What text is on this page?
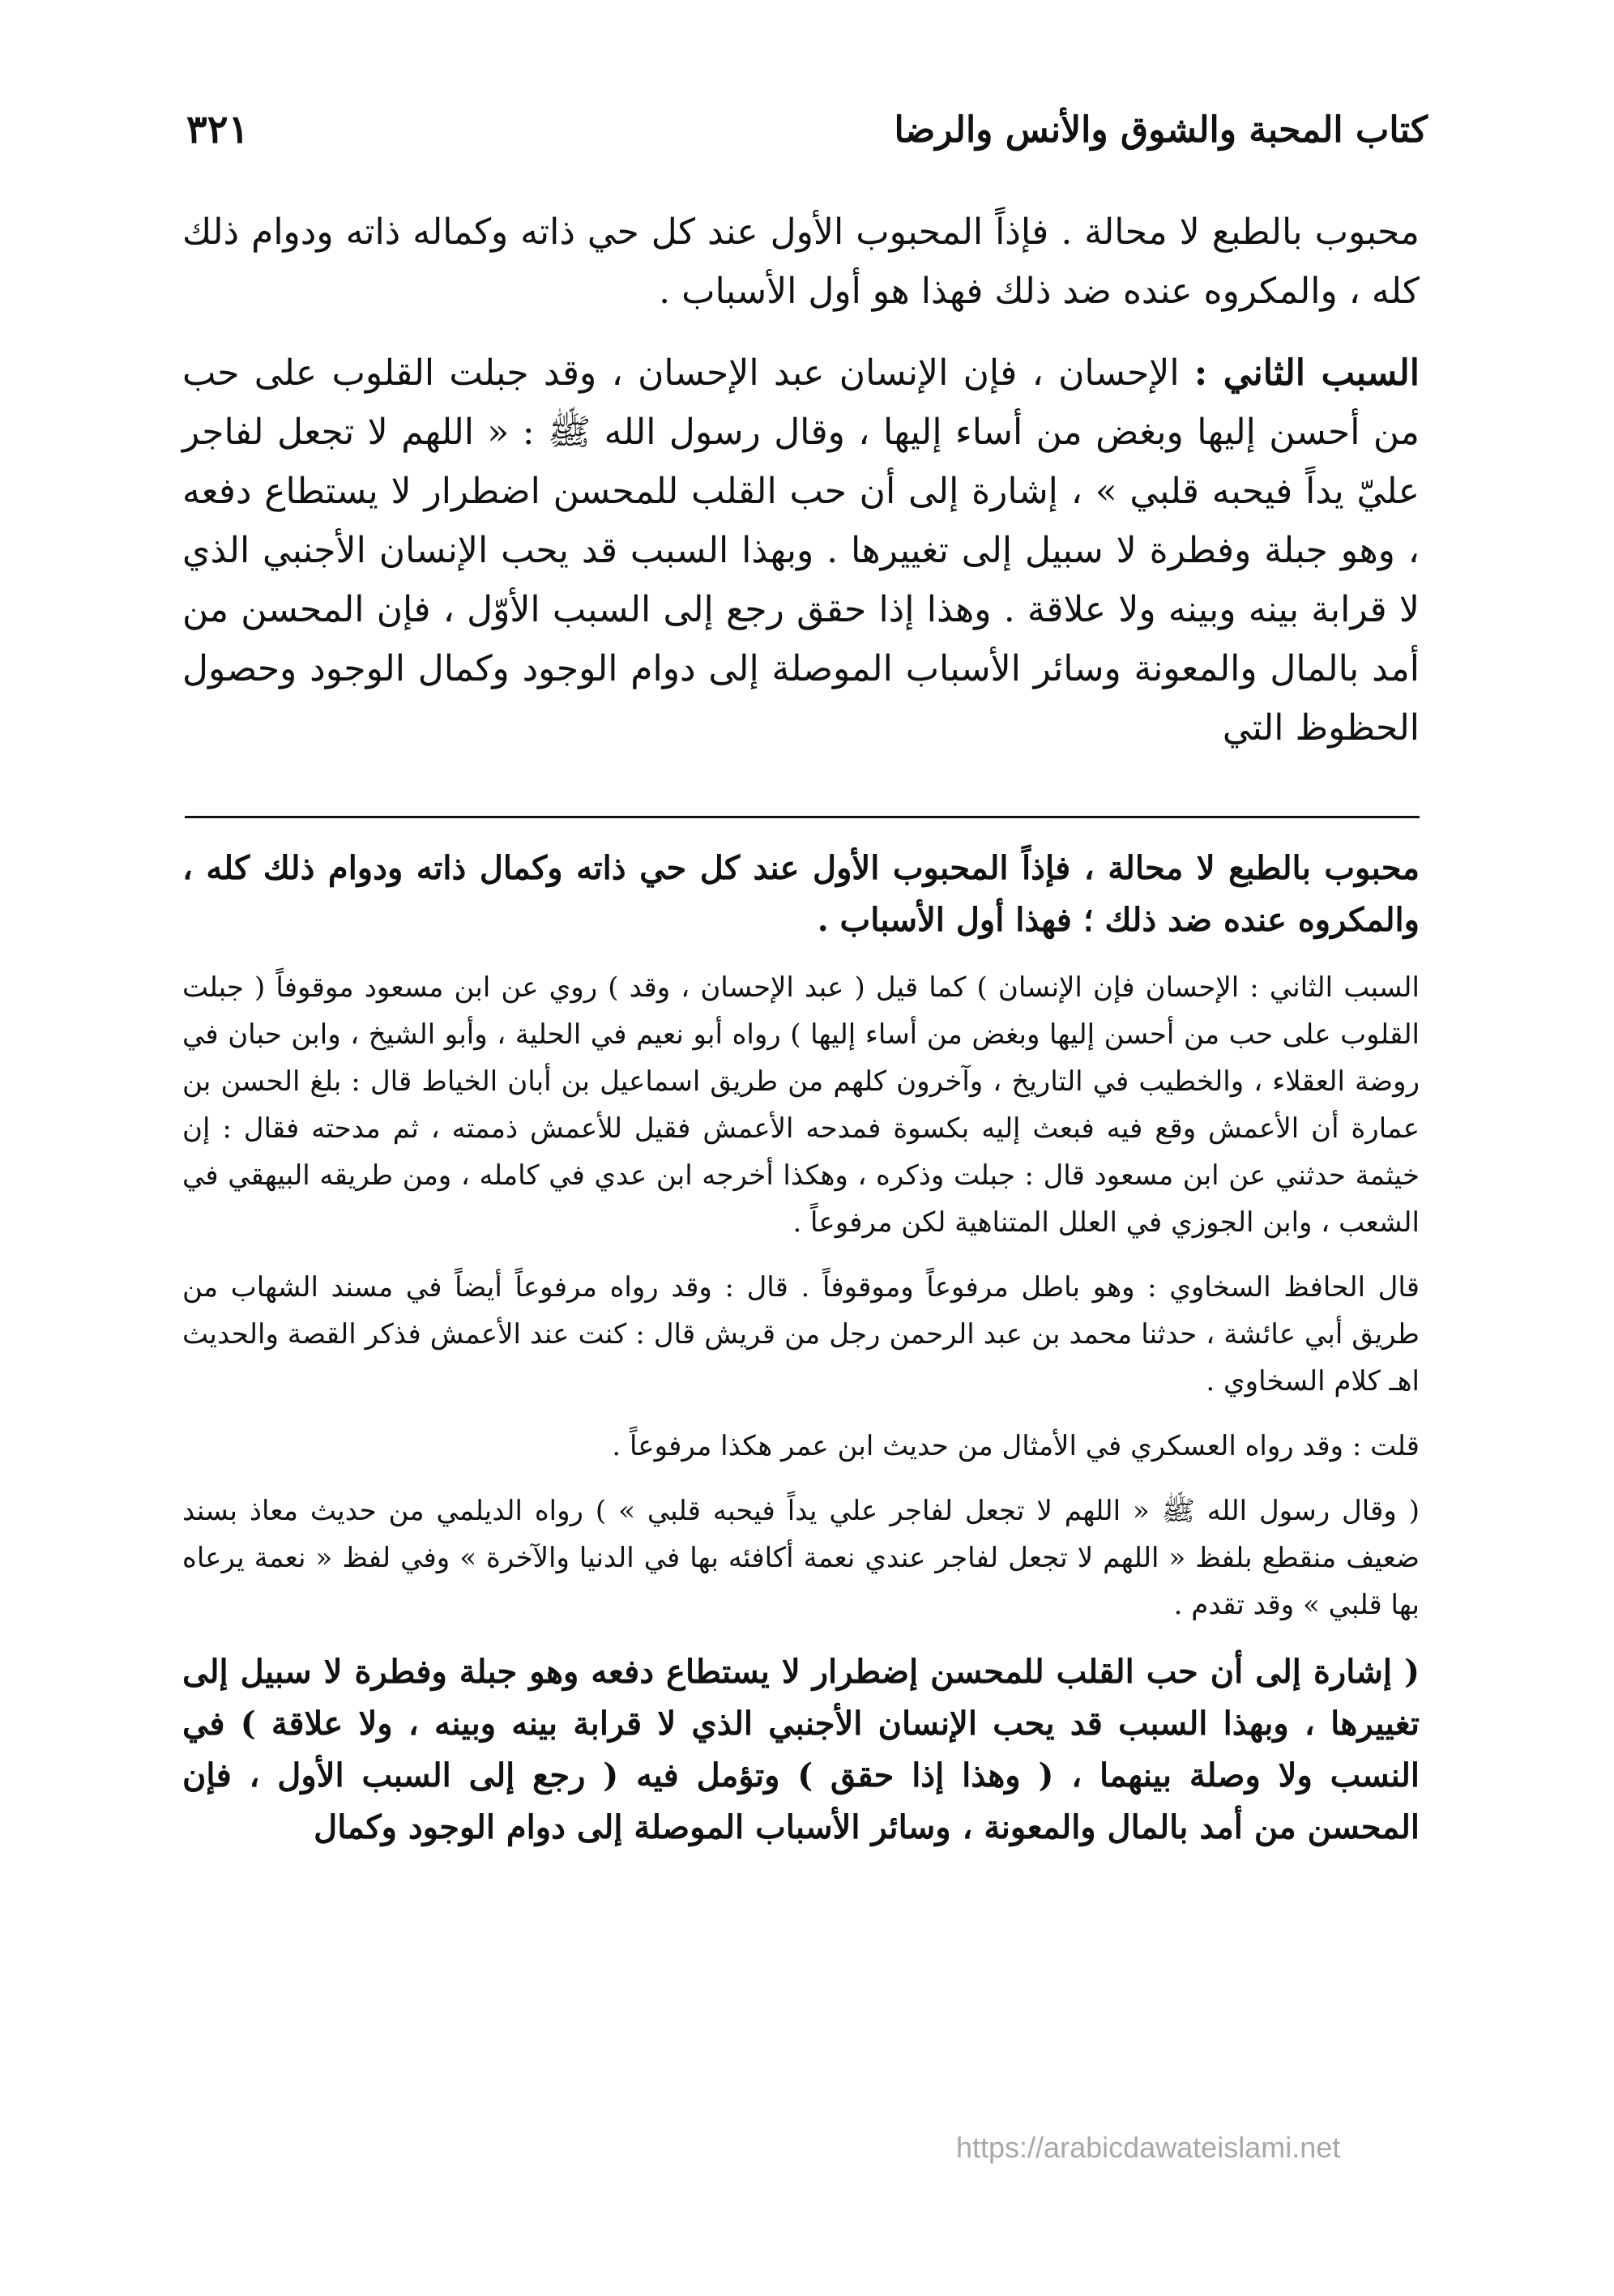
كتاب المحبة والشوق والأنس والرضا
٣٢١

محبوب بالطبع لا محالة . فإذاً المحبوب الأول عند كل حي ذاته وكماله ذاته ودوام ذلك كله ، والمكروه عنده ضد ذلك فهذا هو أول الأسباب .

السبب الثاني : الإحسان ، فإن الإنسان عبد الإحسان ، وقد جبلت القلوب على حب من أحسن إليها وبغض من أساء إليها ، وقال رسول الله ﷺ : « اللهم لا تجعل لفاجر عليّ يداً فيحبه قلبي » ، إشارة إلى أن حب القلب للمحسن اضطرار لا يستطاع دفعه ، وهو جبلة وفطرة لا سبيل إلى تغييرها . وبهذا السبب قد يحب الإنسان الأجنبي الذي لا قرابة بينه وبينه ولا علاقة . وهذا إذا حقق رجع إلى السبب الأوّل ، فإن المحسن من أمد بالمال والمعونة وسائر الأسباب الموصلة إلى دوام الوجود وكمال الوجود وحصول الحظوظ التي

محبوب بالطبع لا محالة ، فإذاً المحبوب الأول عند كل حي ذاته وكمال ذاته ودوام ذلك كله ، والمكروه عنده ضد ذلك ؛ فهذا أول الأسباب .

السبب الثاني : الإحسان فإن الإنسان ) كما قيل ( عبد الإحسان ، وقد ) روي عن ابن مسعود موقوفاً ( جبلت القلوب على حب من أحسن إليها وبغض من أساء إليها ) رواه أبو نعيم في الحلية ، وأبو الشيخ ، وابن حبان في روضة العقلاء ، والخطيب في التاريخ ، وآخرون كلهم من طريق اسماعيل بن أبان الخياط قال : بلغ الحسن بن عمارة أن الأعمش وقع فيه فبعث إليه بكسوة فمدحه الأعمش فقيل للأعمش ذممته ، ثم مدحته فقال : إن خيثمة حدثني عن ابن مسعود قال : جبلت وذكره ، وهكذا أخرجه ابن عدي في كامله ، ومن طريقه البيهقي في الشعب ، وابن الجوزي في العلل المتناهية لكن مرفوعاً .

قال الحافظ السخاوي : وهو باطل مرفوعاً وموقوفاً . قال : وقد رواه مرفوعاً أيضاً في مسند الشهاب من طريق أبي عائشة ، حدثنا محمد بن عبد الرحمن رجل من قريش قال : كنت عند الأعمش فذكر القصة والحديث اهـ كلام السخاوي .

قلت : وقد رواه العسكري في الأمثال من حديث ابن عمر هكذا مرفوعاً .

( وقال رسول الله ﷺ « اللهم لا تجعل لفاجر علي يداً فيحبه قلبي » ) رواه الديلمي من حديث معاذ بسند ضعيف منقطع بلفظ « اللهم لا تجعل لفاجر عندي نعمة أكافئه بها في الدنيا والآخرة » وفي لفظ « نعمة يرعاه بها قلبي » وقد تقدم .

( إشارة إلى أن حب القلب للمحسن إضطرار لا يستطاع دفعه وهو جبلة وفطرة لا سبيل إلى تغييرها ، وبهذا السبب قد يحب الإنسان الأجنبي الذي لا قرابة بينه وبينه ، ولا علاقة ) في النسب ولا وصلة بينهما ، ( وهذا إذا حقق ) وتؤمل فيه ( رجع إلى السبب الأول ، فإن المحسن من أمد بالمال والمعونة ، وسائر الأسباب الموصلة إلى دوام الوجود وكمال

https://arabicdawateislami.net
